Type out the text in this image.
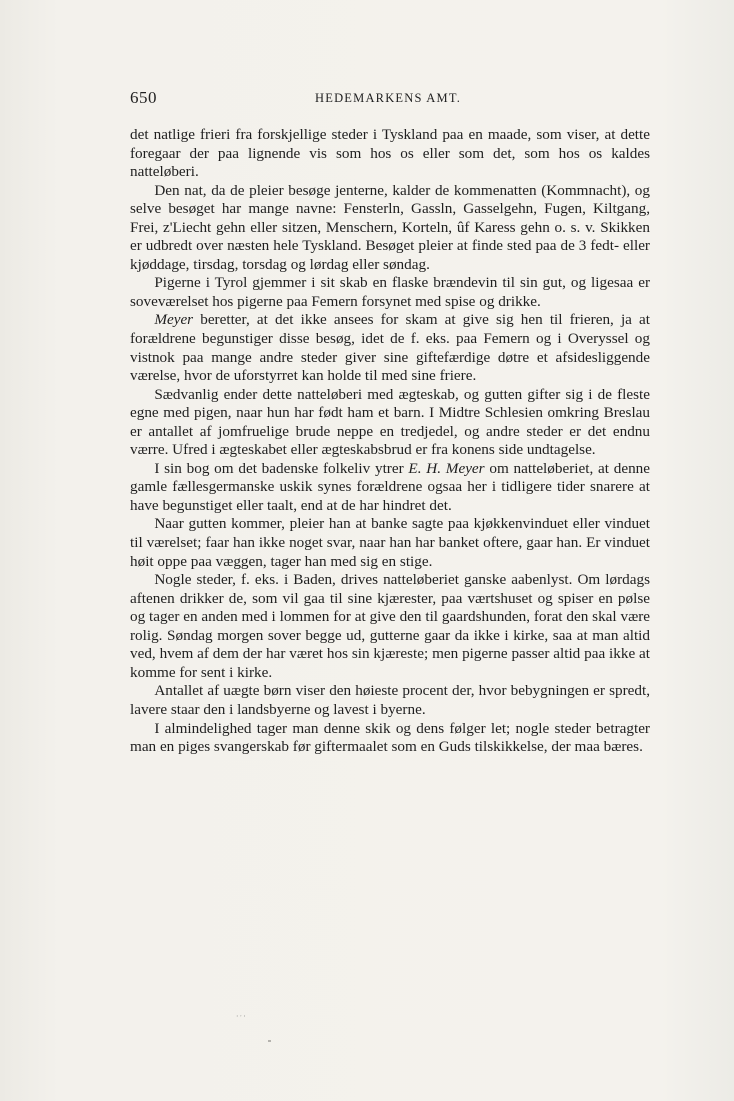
650	HEDEMARKENS AMT.

det natlige frieri fra forskjellige steder i Tyskland paa en maade, som viser, at dette foregaar der paa lignende vis som hos os eller som det, som hos os kaldes natteløberi.

Den nat, da de pleier besøge jenterne, kalder de kommenatten (Kommnacht), og selve besøget har mange navne: Fensterln, Gassln, Gasselgehn, Fugen, Kiltgang, Frei, z'Liecht gehn eller sitzen, Menschern, Korteln, ûf Karess gehn o. s. v. Skikken er udbredt over næsten hele Tyskland. Besøget pleier at finde sted paa de 3 fedt- eller kjøddage, tirsdag, torsdag og lørdag eller søndag.

Pigerne i Tyrol gjemmer i sit skab en flaske brændevin til sin gut, og ligesaa er soveværelset hos pigerne paa Femern forsynet med spise og drikke.

Meyer beretter, at det ikke ansees for skam at give sig hen til frieren, ja at forældrene begunstiger disse besøg, idet de f. eks. paa Femern og i Overyssel og vistnok paa mange andre steder giver sine giftefærdige døtre et afsidesliggende værelse, hvor de uforstyrret kan holde til med sine friere.

Sædvanlig ender dette natteløberi med ægteskab, og gutten gifter sig i de fleste egne med pigen, naar hun har født ham et barn. I Midtre Schlesien omkring Breslau er antallet af jomfruelige brude neppe en tredjedel, og andre steder er det endnu værre. Ufred i ægteskabet eller ægteskabsbrud er fra konens side undtagelse.

I sin bog om det badenske folkeliv ytrer E. H. Meyer om natteløberiet, at denne gamle fællesgermanske uskik synes forældrene ogsaa her i tidligere tider snarere at have begunstiget eller taalt, end at de har hindret det.

Naar gutten kommer, pleier han at banke sagte paa kjøkkenvinduet eller vinduet til værelset; faar han ikke noget svar, naar han har banket oftere, gaar han. Er vinduet høit oppe paa væggen, tager han med sig en stige.

Nogle steder, f. eks. i Baden, drives natteløberiet ganske aabenlyst. Om lørdags aftenen drikker de, som vil gaa til sine kjærester, paa værtshuset og spiser en pølse og tager en anden med i lommen for at give den til gaardshunden, forat den skal være rolig. Søndag morgen sover begge ud, gutterne gaar da ikke i kirke, saa at man altid ved, hvem af dem der har været hos sin kjæreste; men pigerne passer altid paa ikke at komme for sent i kirke.

Antallet af uægte børn viser den høieste procent der, hvor bebygningen er spredt, lavere staar den i landsbyerne og lavest i byerne.

I almindelighed tager man denne skik og dens følger let; nogle steder betragter man en piges svangerskab før giftermaalet som en Guds tilskikkelse, der maa bæres.

·ˑ·
